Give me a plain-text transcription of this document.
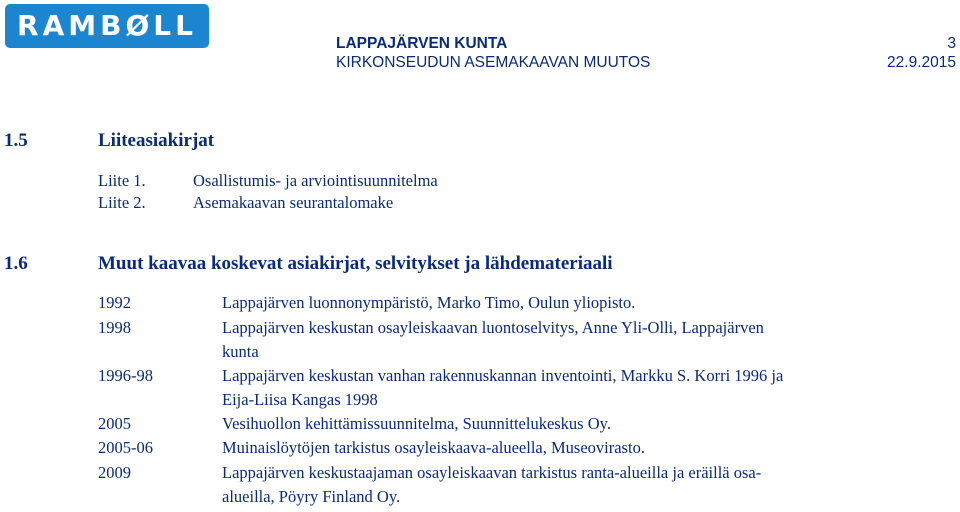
RAMBØLL
LAPPAJÄRVEN KUNTA	3
KIRKONSEUDUN ASEMAKAAVAN MUUTOS	22.9.2015
1.5	Liiteasiakirjat
Liite 1.	Osallistumis- ja arviointisuunnitelma
Liite 2.	Asemakaavan seurantalomake
1.6	Muut kaavaa koskevat asiakirjat, selvitykset ja lähdemateriaali
1992	Lappajärven luonnonympäristö, Marko Timo, Oulun yliopisto.
1998	Lappajärven keskustan osayleiskaavan luontoselvitys, Anne Yli-Olli, Lappajärven
kunta
1996-98	Lappajärven keskustan vanhan rakennuskannan inventointi, Markku S. Korri 1996 ja
Eija-Liisa Kangas 1998
2005	Vesihuollon kehittämissuunnitelma, Suunnittelukeskus Oy.
2005-06	Muinaislöytöjen tarkistus osayleiskaava-alueella, Museovirasto.
2009	Lappajärven keskustaajaman osayleiskaavan tarkistus ranta-alueilla ja eräillä osa-
alueilla, Pöyry Finland Oy.
